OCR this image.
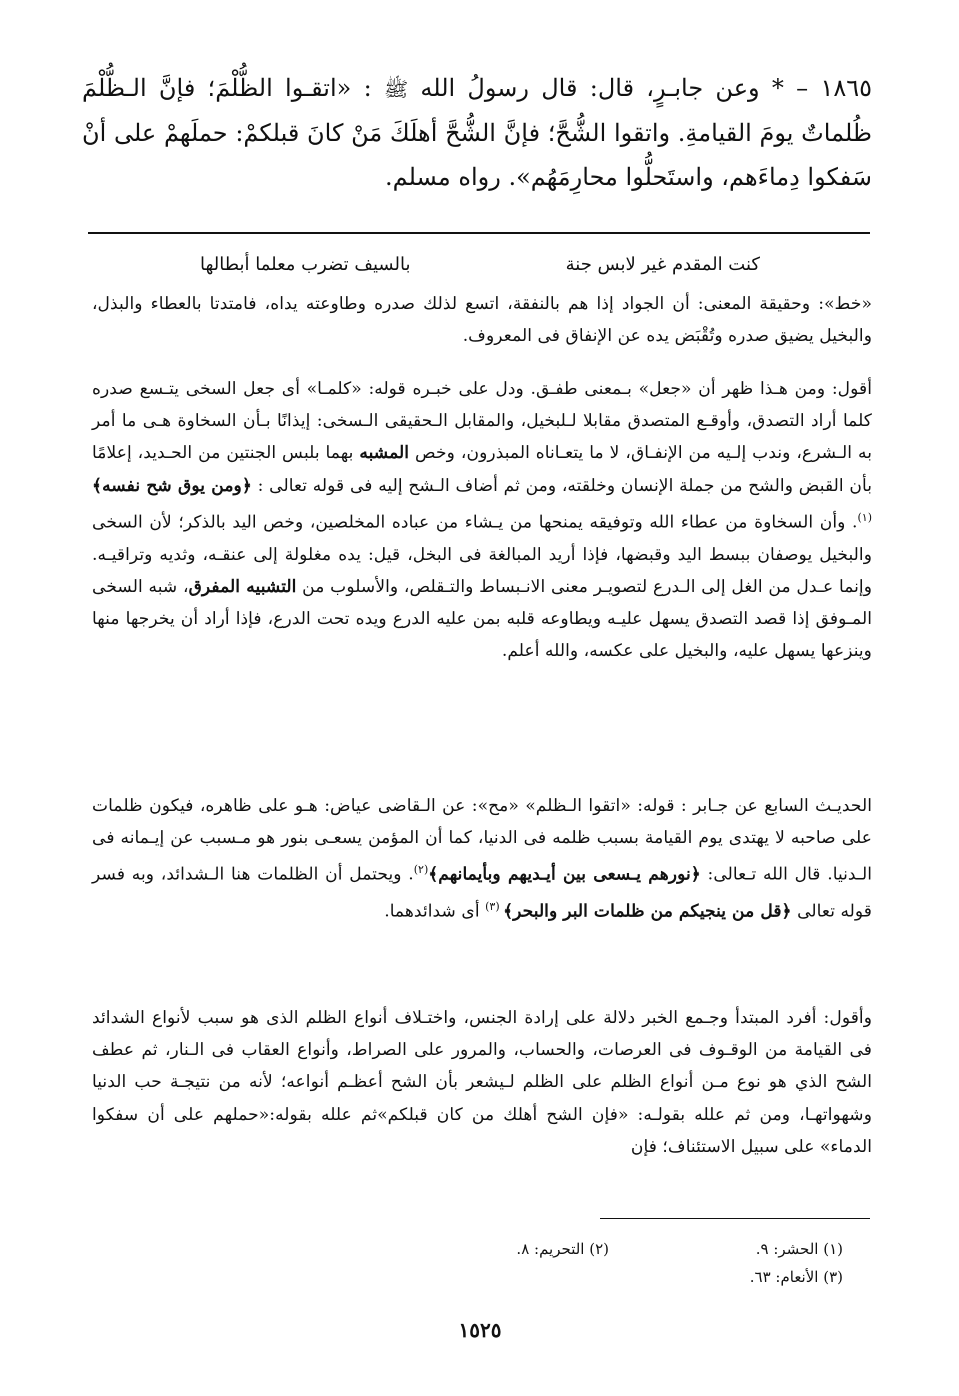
١٨٦٥ – * وعن جابـرٍ، قال: قال رسولُ الله ﷺ : «اتقـوا الظُّلْمَ؛ فإنَّ الـظُّلْمَ ظُلماتٌ يومَ القيامةِ. واتقوا الشُّحَّ؛ فإنَّ الشُّحَّ أهلَكَ مَنْ كانَ قبلكمْ: حملَهمْ على أنْ سَفكوا دِماءَهم، واستَحلُّوا محارِمَهُم». رواه مسلم.
كنت المقدم غير لابس جنة
بالسيف تضرب معلما أبطالها

«خط»: وحقيقة المعنى: أن الجواد إذا هم بالنفقة، اتسع لذلك صدره وطاوعته يداه، فامتدتا بالعطاء والبذل، والبخيل يضيق صدره وتُقْبَض يده عن الإنفاق فى المعروف.

أقول: ومن هـذا ظهر أن «جعل» بـمعنى طفـق. ودل على خبـره قوله: «كلمـا» أى جعل السخى يتـسع صدره كلما أراد التصدق، وأوقـع المتصدق مقابلا لـلبخيل، والمقابل الـحقيقى الـسخى: إيذانًا بـأن السخاوة هـى ما أمر به الـشرع، وندب إلـيه من الإنفـاق، لا ما يتعـاناه المبذرون، وخص المشبه بهما بلبس الجنتين من الحـديد، إعلامًا بأن القبض والشح من جملة الإنسان وخلقته، ومن ثم أضاف الـشح إليه فى قوله تعالى : ﴿ومن يوق شح نفسه﴾$^{(١)}$. وأن السخاوة من عطاء الله وتوفيقه يمنحها من يـشاء من عباده المخلصين، وخص اليد بالذكر؛ لأن السخى والبخيل يوصفان ببسط اليد وقبضها، فإذا أريد المبالغة فى البخل، قيل: يده مغلولة إلى عنقـه، وثديه وتراقيـه. وإنما عـدل من الغل إلى الـدرع لتصويـر معنى الانـبساط والتـقلص، والأسلوب من التشبيه المفرق، شبه السخى المـوفق إذا قصد التصدق يسهل عليـه ويطاوعه قلبه بمن عليه الدرع ويده تحت الدرع، فإذا أراد أن يخرجها منها وينزعها يسهل عليه، والبخيل على عكسه، والله أعلم.

الحديـث السابع عن جـابر : قوله: «اتقوا الـظلم» «مح»: عن الـقاضى عياض: هـو على ظاهره، فيكون ظلمات على صاحبه لا يهتدى يوم القيامة بسبب ظلمه فى الدنيا، كما أن المؤمن يسعـى بنور هو مـسبب عن إيـمانه فى الـدنيا. قال الله تـعالى: ﴿نورهم يـسعى بين أيـديهم وبأيمانهم﴾$^{(٢)}$. ويحتمل أن الظلمات هنا الـشدائد، وبه فسر قوله تعالى ﴿قل من ينجيكم من ظلمات البر والبحر﴾ $^{(٣)}$ أى شدائدهما.

وأقول: أفرد المبتدأ وجـمع الخبر دلالة على إرادة الجنس، واختـلاف أنواع الظلم الذى هو سبب لأنواع الشدائد فى القيامة من الوقـوف فى العرصات، والحساب، والمرور على الصراط، وأنواع العقاب فى الـنار، ثم عطف الشح الذي هو نوع مـن أنواع الظلم على الظلم لـيشعر بأن الشح أعظـم أنواعه؛ لأنه من نتيجـة حب الدنيا وشهواتهـا، ومن ثم علله بقولـه: «فإن الشح أهلك من كان قبلكم»ثم علله بقوله:«حملهم على أن سفكوا الدماء» على سبيل الاستئناف؛ فإن

(١) الحشر: ٩.
(٢) التحريم: ٨.
(٣) الأنعام: ٦٣.
١٥٢٥
